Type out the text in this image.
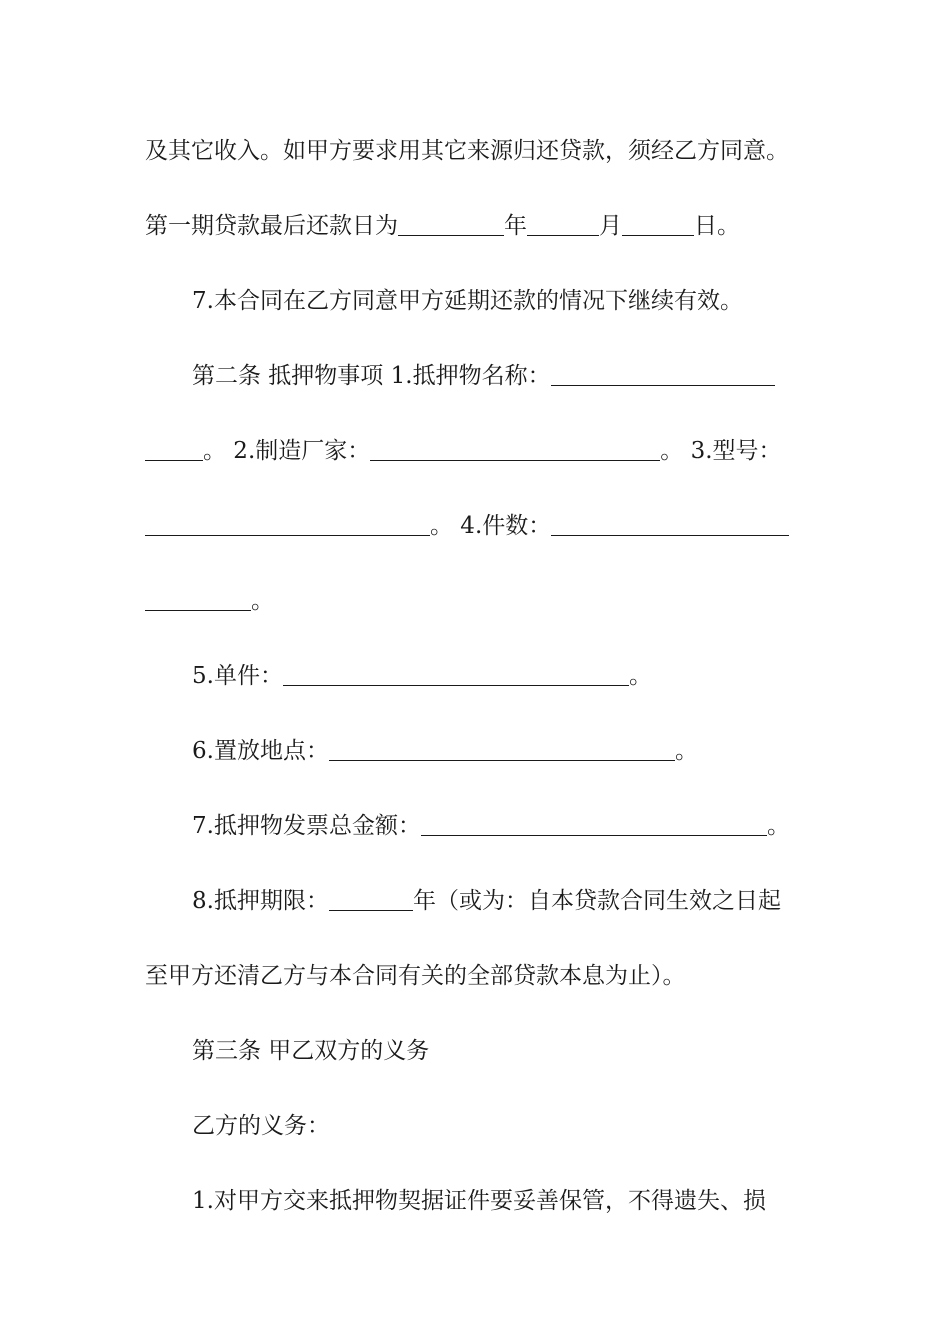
及其它收入。如甲方要求用其它来源归还贷款，须经乙方同意。
第一期贷款最后还款日为	年	月	日。
7.本合同在乙方同意甲方延期还款的情况下继续有效。
第二条 抵押物事项 1.抵押物名称：
。 2.制造厂家：	。 3.型号：
。 4.件数：
。
5.单件：	。
6.置放地点：	。
7.抵押物发票总金额：	。
8.抵押期限：	年（或为：自本贷款合同生效之日起
至甲方还清乙方与本合同有关的全部贷款本息为止）。
第三条 甲乙双方的义务
乙方的义务：
1.对甲方交来抵押物契据证件要妥善保管，不得遗失、损
